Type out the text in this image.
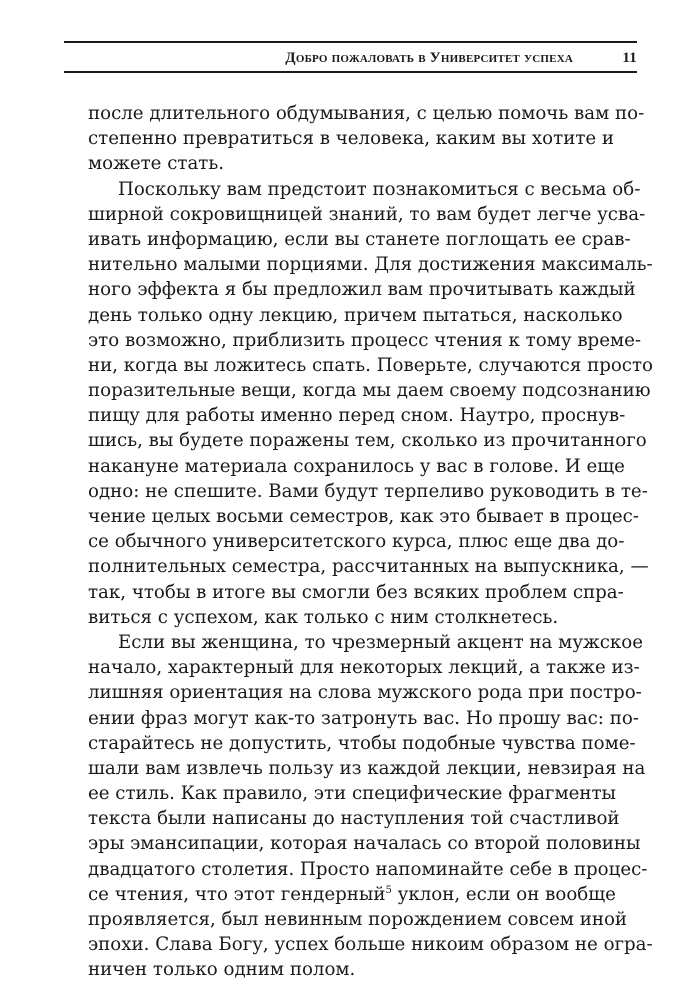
Добро пожаловать в Университет успеха	11
после длительного обдумывания, с целью помочь вам по-
степенно превратиться в человека, каким вы хотите и
можете стать.
Поскольку вам предстоит познакомиться с весьма об-
ширной сокровищницей знаний, то вам будет легче усва-
ивать информацию, если вы станете поглощать ее срав-
нительно малыми порциями. Для достижения максималь-
ного эффекта я бы предложил вам прочитывать каждый
день только одну лекцию, причем пытаться, насколько
это возможно, приблизить процесс чтения к тому време-
ни, когда вы ложитесь спать. Поверьте, случаются просто
поразительные вещи, когда мы даем своему подсознанию
пищу для работы именно перед сном. Наутро, проснув-
шись, вы будете поражены тем, сколько из прочитанного
накануне материала сохранилось у вас в голове. И еще
одно: не спешите. Вами будут терпеливо руководить в те-
чение целых восьми семестров, как это бывает в процес-
се обычного университетского курса, плюс еще два до-
полнительных семестра, рассчитанных на выпускника, —
так, чтобы в итоге вы смогли без всяких проблем спра-
виться с успехом, как только с ним столкнетесь.
Если вы женщина, то чрезмерный акцент на мужское
начало, характерный для некоторых лекций, а также из-
лишняя ориентация на слова мужского рода при постро-
ении фраз могут как-то затронуть вас. Но прошу вас: по-
старайтесь не допустить, чтобы подобные чувства поме-
шали вам извлечь пользу из каждой лекции, невзирая на
ее стиль. Как правило, эти специфические фрагменты
текста были написаны до наступления той счастливой
эры эмансипации, которая началась со второй половины
двадцатого столетия. Просто напоминайте себе в процес-
се чтения, что этот гендерный$^5$ уклон, если он вообще
проявляется, был невинным порождением совсем иной
эпохи. Слава Богу, успех больше никоим образом не огра-
ничен только одним полом.
